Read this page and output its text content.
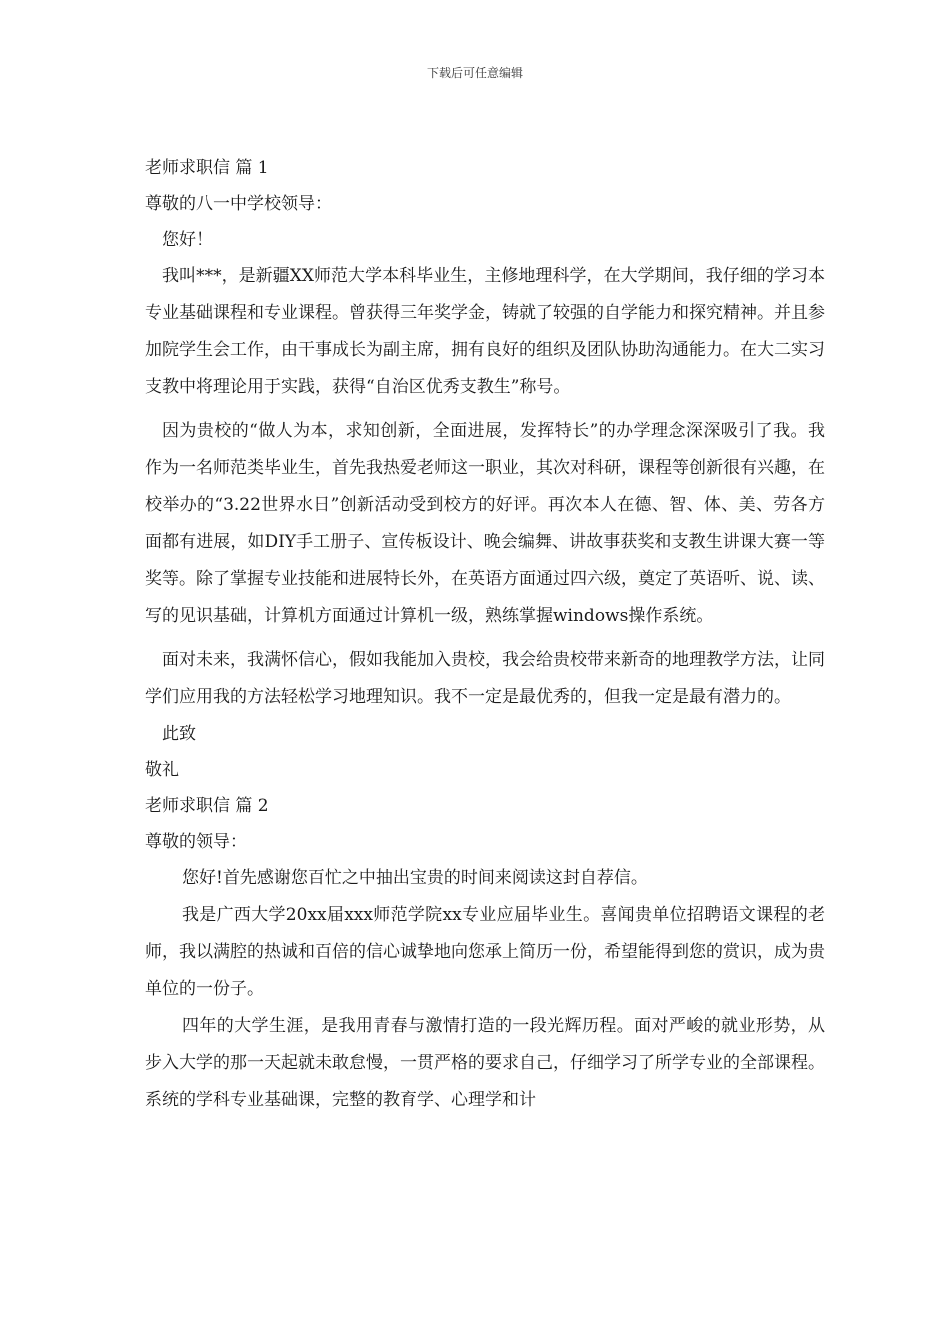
下载后可任意编辑
老师求职信 篇 1
尊敬的八一中学校领导：
您好！

我叫***，是新疆XX师范大学本科毕业生，主修地理科学，在大学期间，我仔细的学习本专业基础课程和专业课程。曾获得三年奖学金，铸就了较强的自学能力和探究精神。并且参加院学生会工作，由干事成长为副主席，拥有良好的组织及团队协助沟通能力。在大二实习支教中将理论用于实践，获得“自治区优秀支教生”称号。

因为贵校的“做人为本，求知创新，全面进展，发挥特长”的办学理念深深吸引了我。我作为一名师范类毕业生，首先我热爱老师这一职业，其次对科研，课程等创新很有兴趣，在校举办的“3.22世界水日”创新活动受到校方的好评。再次本人在德、智、体、美、劳各方面都有进展，如DIY手工册子、宣传板设计、晚会编舞、讲故事获奖和支教生讲课大赛一等奖等。除了掌握专业技能和进展特长外，在英语方面通过四六级，奠定了英语听、说、读、写的见识基础，计算机方面通过计算机一级，熟练掌握windows操作系统。

面对未来，我满怀信心，假如我能加入贵校，我会给贵校带来新奇的地理教学方法，让同学们应用我的方法轻松学习地理知识。我不一定是最优秀的，但我一定是最有潜力的。

此致
敬礼
老师求职信 篇 2
尊敬的领导：

您好!首先感谢您百忙之中抽出宝贵的时间来阅读这封自荐信。

我是广西大学20xx届xxx师范学院xx专业应届毕业生。喜闻贵单位招聘语文课程的老师，我以满腔的热诚和百倍的信心诚挚地向您承上简历一份，希望能得到您的赏识，成为贵单位的一份子。

四年的大学生涯，是我用青春与激情打造的一段光辉历程。面对严峻的就业形势，从步入大学的那一天起就未敢怠慢，一贯严格的要求自己，仔细学习了所学专业的全部课程。系统的学科专业基础课，完整的教育学、心理学和计
